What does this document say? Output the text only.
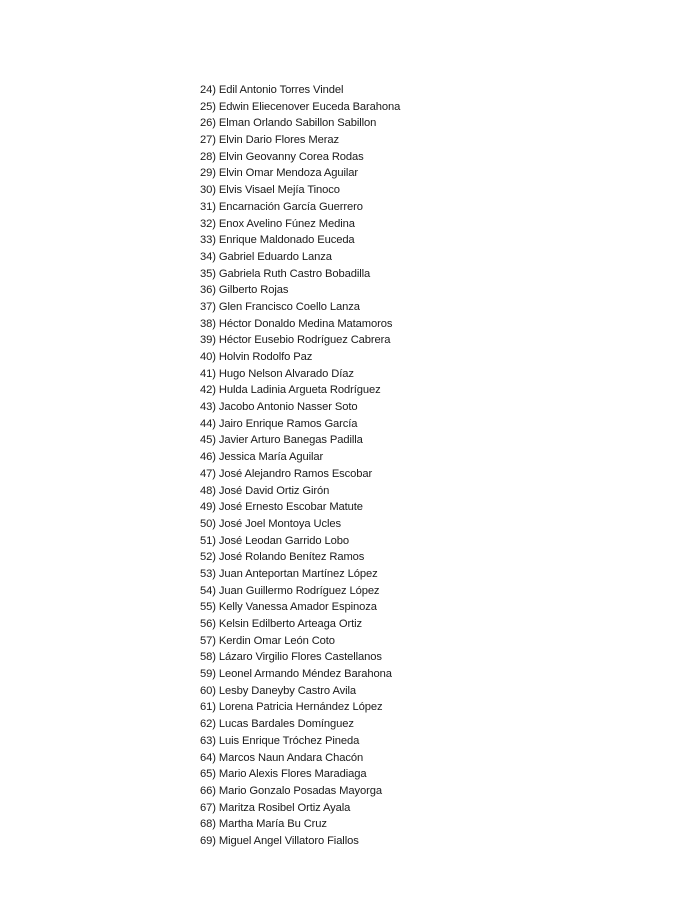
24) Edil Antonio Torres Vindel
25) Edwin Eliecenover Euceda Barahona
26) Elman Orlando Sabillon Sabillon
27) Elvin Dario Flores Meraz
28) Elvin Geovanny Corea Rodas
29) Elvin Omar Mendoza Aguilar
30) Elvis Visael Mejía Tinoco
31) Encarnación García Guerrero
32) Enox Avelino Fúnez Medina
33) Enrique Maldonado Euceda
34) Gabriel Eduardo Lanza
35) Gabriela Ruth Castro Bobadilla
36) Gilberto Rojas
37) Glen Francisco Coello Lanza
38) Héctor Donaldo Medina Matamoros
39) Héctor Eusebio Rodríguez Cabrera
40) Holvin Rodolfo Paz
41) Hugo Nelson Alvarado Díaz
42) Hulda Ladinia Argueta Rodríguez
43) Jacobo Antonio Nasser Soto
44) Jairo Enrique Ramos García
45) Javier Arturo Banegas Padilla
46) Jessica María Aguilar
47) José Alejandro Ramos Escobar
48) José David Ortiz Girón
49) José Ernesto Escobar Matute
50) José Joel Montoya Ucles
51) José Leodan Garrido Lobo
52) José Rolando Benítez Ramos
53) Juan Anteportan Martínez López
54) Juan Guillermo Rodríguez López
55) Kelly Vanessa Amador Espinoza
56) Kelsin Edilberto Arteaga Ortiz
57) Kerdin Omar León Coto
58) Lázaro Virgilio Flores Castellanos
59) Leonel Armando Méndez Barahona
60) Lesby Daneyby Castro Avila
61) Lorena Patricia Hernández López
62) Lucas Bardales Domínguez
63) Luis Enrique Tróchez Pineda
64) Marcos Naun Andara Chacón
65) Mario Alexis Flores Maradiaga
66) Mario Gonzalo Posadas Mayorga
67) Maritza Rosibel Ortiz Ayala
68) Martha María Bu Cruz
69) Miguel Angel Villatoro Fiallos
